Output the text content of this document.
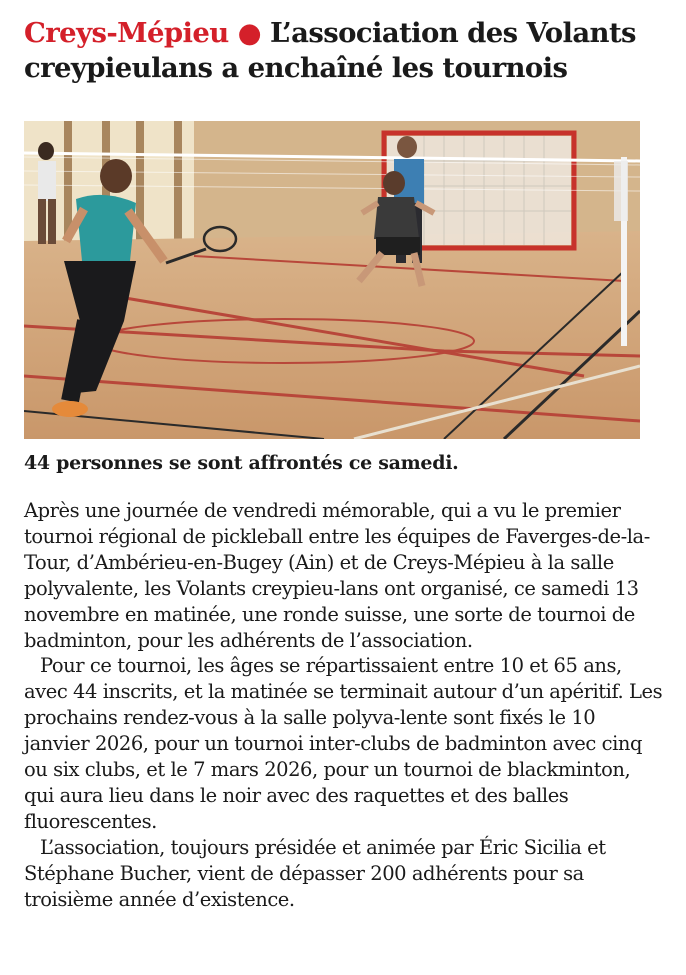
Creys-Mépieu ● L’association des Volants creypieulans a enchaîné les tournois

44 personnes se sont affrontés ce samedi.

Après une journée de vendredi mémorable, qui a vu le premier tournoi régional de pickleball entre les équipes de Faverges-de-la-Tour, d’Ambérieu-en-Bugey (Ain) et de Creys-Mépieu à la salle polyvalente, les Volants creypieu-lans ont organisé, ce samedi 13 novembre en matinée, une ronde suisse, une sorte de tournoi de badminton, pour les adhérents de l’association.

Pour ce tournoi, les âges se répartissaient entre 10 et 65 ans, avec 44 inscrits, et la matinée se terminait autour d’un apéritif. Les prochains rendez-vous à la salle polyva-lente sont fixés le 10 janvier 2026, pour un tournoi inter-clubs de badminton avec cinq ou six clubs, et le 7 mars 2026, pour un tournoi de blackminton, qui aura lieu dans le noir avec des raquettes et des balles fluorescentes.

L’association, toujours présidée et animée par Éric Sicilia et Stéphane Bucher, vient de dépasser 200 adhérents pour sa troisième année d’existence.
